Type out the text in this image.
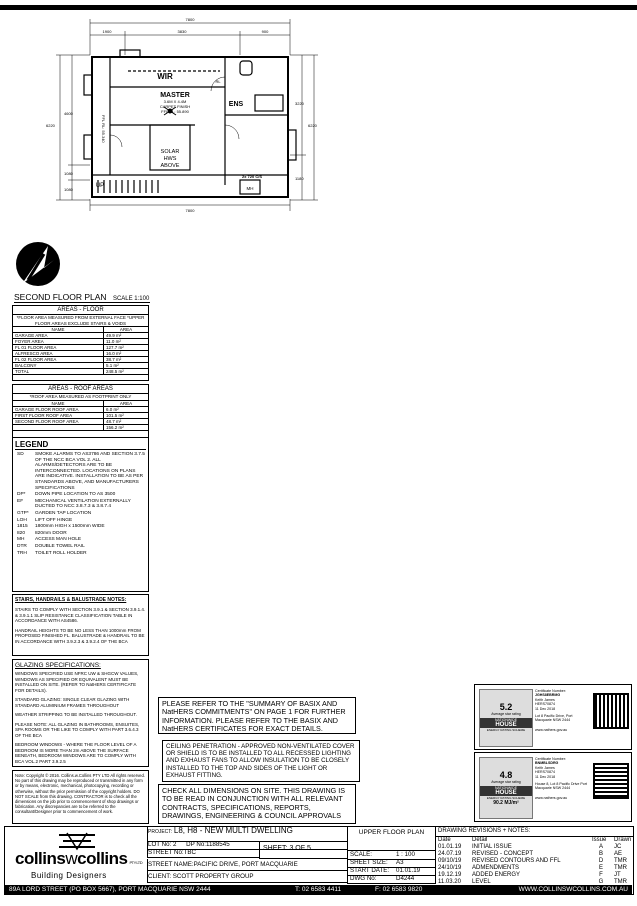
7800
1900	3830	900
7800
6220
4600
1080
1080
3220
1180
6220
WIR
MASTER
3.6M X 4.4M
CARPET FINISH
FFL RL: 55.890
ENS
SOLAR
HWS
ABOVE
UP	MH
2x 720 C/S
RL
FFL RL: 55.340
SECOND FLOOR PLAN SCALE 1:100
AREAS - FLOOR
*FLOOR AREA MEASURED FROM EXTERNAL FACE *UPPER FLOOR AREAS EXCLUDE STAIRS & VOIDS
NAME	AREA
GARAGE AREA	49.9 m²
FOYER AREA	11.0 m²
FL 01 FLOOR AREA	127.7 m²
ALFRESCO AREA	16.0 m²
FL 02 FLOOR AREA	38.7 m²
BALCONY	5.1 m²
TOTAL	248.5 m²
AREAS - ROOF AREAS
*ROOF AREA MEASURED AS FOOTPRINT ONLY
NAME	AREA
GARAGE FLOOR ROOF AREA	6.0 m²
FIRST FLOOR ROOF AREA	101.5 m²
SECOND FLOOR ROOF AREA	48.7 m²
	156.2 m²
LEGEND
SD	SMOKE ALARMS TO AS3786 AND SECTION 3.7.5 OF THE NCC BCA VOL 2. ALL ALARMS/DETECTORS ARE TO BE INTERCONNECTED. LOCATIONS ON PLANS ARE INDICATIVE. INSTALLATION TO BE AS PER STANDARDS ABOVE, AND MANUFACTURERS SPECIFICATIONS
DP*	DOWN PIPE LOCATION TO AS 3500
EF	MECHANICAL VENTILATION EXTERNALLY DUCTED TO NCC 3.8.7.3 & 3.8.7.4
GTP*	GARDEN TAP LOCATION
LOH	LIFT OFF HINGE
1815	1800mm HIGH x 1500mm WIDE
820	820mm DOOR
MH	ACCESS MAN HOLE
DTR	DOUBLE TOWEL RAIL
TRH	TOILET ROLL HOLDER
STAIRS, HANDRAILS & BALUSTRADE NOTES:
STAIRS TO COMPLY WITH SECTION 3.9.1 & SECTION 3.9.1.4. & 3.9.1.1 SLIP RESISTANCE CLASSIFICATION TABLE IN ACCORDANCE WITH AS4586.
HANDRAIL HEIGHTS TO BE NO LESS THAN 1000mm FROM PROPOSED FINISHED FL. BALUSTRADE & HANDRAIL TO BE IN ACCORDANCE WITH 3.9.2.3 & 3.9.2.4 OF THE BCA
GLAZING SPECIFICATIONS:
WINDOWS SPECIFIED USE NFRC UW & SHGCW VALUES, WINDOWS AS SPECIFIED OR EQUIVALENT MUST BE INSTALLED ON SITE. (REFER TO NatHERS CERTIFICATE FOR DETAILS).
STANDARD GLAZING: SINGLE CLEAR GLAZING WITH STANDARD ALUMINIUM FRAMES THROUGHOUT
WEATHER STRIPPING TO BE INSTALLED THROUGHOUT.
PLEASE NOTE: ALL GLAZING IN BATHROOMS, ENSUITES, SPA ROOMS OR THE LIKE TO COMPLY WITH PART 3.6.4.3 OF THE BCA
BEDROOM WINDOWS - WHERE THE FLOOR LEVEL OF A BEDROOM IS MORE THAN 2m ABOVE THE SURFACE BENEATH, BEDROOM WINDOWS ARE TO COMPLY WITH BCA VOL.2 PART 3.9.2.5
Note: Copyright © 2016. Collins.w.Collins PTY LTD All rights reserved. No part of this drawing may be reproduced or transmitted in any form or by means, electronic, mechanical, photocopying, recording or otherwise, without the prior permission of the copyright holders. DO NOT SCALE from this drawing. CONTRACTOR is to check all the dimensions on the job prior to commencement of shop drawings or fabrication. Any discrepancies are to be referred to the consultant/Designer prior to commencement of work.
PLEASE REFER TO THE "SUMMARY OF BASIX AND NatHERS COMMITMENTS" ON PAGE 1 FOR FURTHER INFORMATION. PLEASE REFER TO THE BASIX AND NatHERS CERTIFICATES FOR EXACT DETAILS.
CEILING PENETRATION - APPROVED NON-VENTILATED COVER OR SHIELD IS TO BE INSTALLED TO ALL RECESSED LIGHTING AND EXHAUST FANS TO ALLOW INSULATION TO BE CLOSELY INSTALLED TO THE TOP AND SIDES OF THE LIGHT OR EXHAUST FITTING.
CHECK ALL DIMENSIONS ON SITE. THIS DRAWING IS TO BE READ IN CONJUNCTION WITH ALL RELEVANT CONTRACTS, SPECIFICATIONS, REPORTS, DRAWINGS, ENGINEERING & COUNCIL APPROVALS
5.2
Average star rating
NATIONWIDE
HOUSE
ENERGY RATING SCHEME
Certificate Number:
JGHS8EBRMG
Keith James
HERS70874
11 Dec 2018
Lot 8 Pacific Drive, Port Macquarie NSW 2444
www.nathers.gov.au
4.8
Average star rating
NATIONWIDE
HOUSE
ENERGY RATING SCHEME
90.2 MJ/m²
Certificate Number:
BNMBLSDRG
Keith James
HERS70874
11 Dec 2018
House 8, Lot 8 Pacific Drive Port Macquarie NSW 2444
www.nathers.gov.au
collinswcollins PTY LTD
Building Designers
PROJECT: L8, H8 - NEW MULTI DWELLING
LOT No: 2 DP No:1188545
SHEET: 3 OF 5
STREET No:TBC
STREET NAME:PACIFIC DRIVE, PORT MACQUARIE
CLIENT: SCOTT PROPERTY GROUP
UPPER FLOOR PLAN
SCALE:	1 : 100
SHEET SIZE: A3
START DATE: 01.01.19
DWG No:	D4244
DRAWING REVISIONS + NOTES:
Date	Detail	Issue	Drawn
01.01.19	INITIAL ISSUE	A	JC
24.07.19	REVISED - CONCEPT	B	AE
09/10/19	REVISED CONTOURS AND FFL	D	TMR
24/10/19	ADMENDMENTS	E	TMR
19.12.19	ADDED ENERGY	F	JT
11.03.20	LEVEL	G	TMR
89A LORD STREET (PO BOX 5667), PORT MACQUARIE NSW 2444	T: 02 6583 4411	F: 02 6583 9820	WWW.COLLINSWCOLLINS.COM.AU
